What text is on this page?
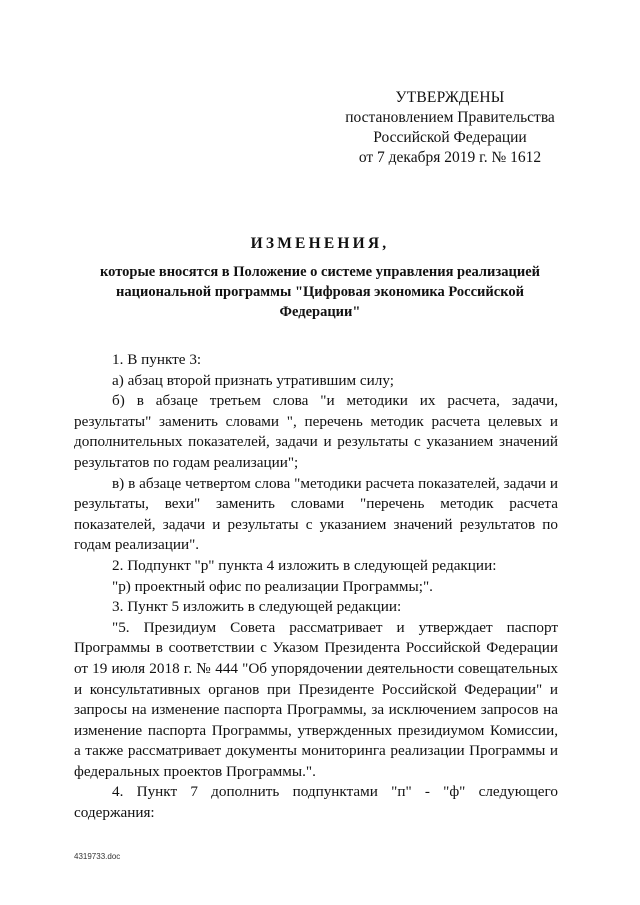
УТВЕРЖДЕНЫ
постановлением Правительства
Российской Федерации
от 7 декабря 2019 г. № 1612
ИЗМЕНЕНИЯ,
которые вносятся в Положение о системе управления реализацией национальной программы "Цифровая экономика Российской Федерации"

1. В пункте 3:

а) абзац второй признать утратившим силу;

б) в абзаце третьем слова "и методики их расчета, задачи, результаты" заменить словами ", перечень методик расчета целевых и дополнительных показателей, задачи и результаты с указанием значений результатов по годам реализации";

в) в абзаце четвертом слова "методики расчета показателей, задачи и результаты, вехи" заменить словами "перечень методик расчета показателей, задачи и результаты с указанием значений результатов по годам реализации".

2. Подпункт "р" пункта 4 изложить в следующей редакции:

"р) проектный офис по реализации Программы;".

3. Пункт 5 изложить в следующей редакции:

"5. Президиум Совета рассматривает и утверждает паспорт Программы в соответствии с Указом Президента Российской Федерации от 19 июля 2018 г. № 444 "Об упорядочении деятельности совещательных и консультативных органов при Президенте Российской Федерации" и запросы на изменение паспорта Программы, за исключением запросов на изменение паспорта Программы, утвержденных президиумом Комиссии, а также рассматривает документы мониторинга реализации Программы и федеральных проектов Программы.".

4. Пункт 7 дополнить подпунктами "п" - "ф" следующего содержания:

4319733.doc
